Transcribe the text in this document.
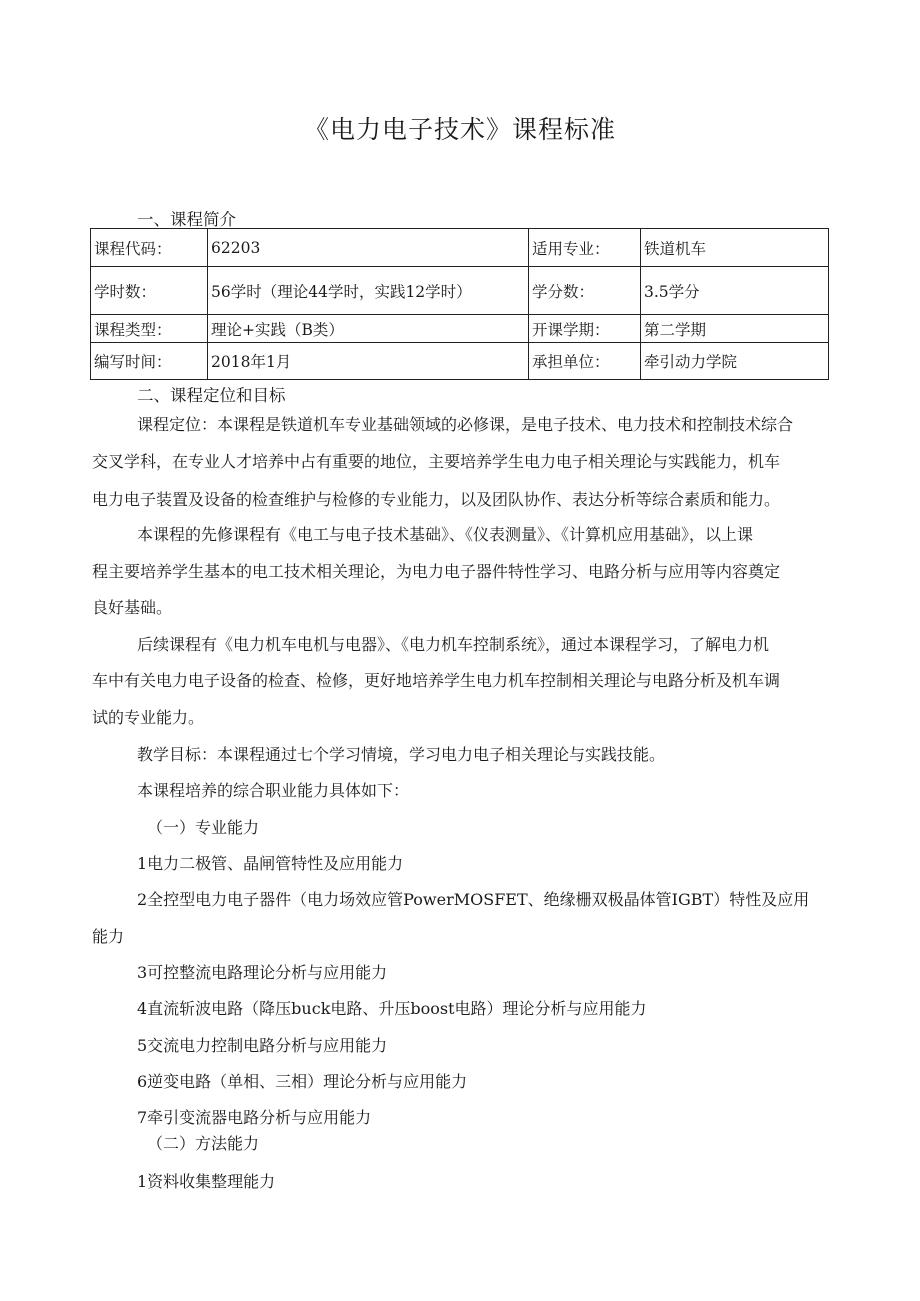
《电力电子技术》课程标准
一、课程简介
课程代码：	62203	适用专业：	铁道机车
学时数：	56学时（理论44学时，实践12学时）	学分数：	3.5学分
课程类型：	理论+实践（B类）	开课学期：	第二学期
编写时间：	2018年1月	承担单位：	牵引动力学院
二、课程定位和目标
课程定位：本课程是铁道机车专业基础领域的必修课，是电子技术、电力技术和控制技术综合
交叉学科，在专业人才培养中占有重要的地位，主要培养学生电力电子相关理论与实践能力，机车
电力电子装置及设备的检查维护与检修的专业能力，以及团队协作、表达分析等综合素质和能力。
本课程的先修课程有《电工与电子技术基础》、《仪表测量》、《计算机应用基础》，以上课
程主要培养学生基本的电工技术相关理论，为电力电子器件特性学习、电路分析与应用等内容奠定
良好基础。
后续课程有《电力机车电机与电器》、《电力机车控制系统》，通过本课程学习，了解电力机
车中有关电力电子设备的检查、检修，更好地培养学生电力机车控制相关理论与电路分析及机车调
试的专业能力。
教学目标：本课程通过七个学习情境，学习电力电子相关理论与实践技能。
本课程培养的综合职业能力具体如下：
（一）专业能力
1电力二极管、晶闸管特性及应用能力
2全控型电力电子器件（电力场效应管PowerMOSFET、绝缘栅双极晶体管IGBT）特性及应用
能力
3可控整流电路理论分析与应用能力
4直流斩波电路（降压buck电路、升压boost电路）理论分析与应用能力
5交流电力控制电路分析与应用能力
6逆变电路（单相、三相）理论分析与应用能力
7牵引变流器电路分析与应用能力
（二）方法能力
1资料收集整理能力
